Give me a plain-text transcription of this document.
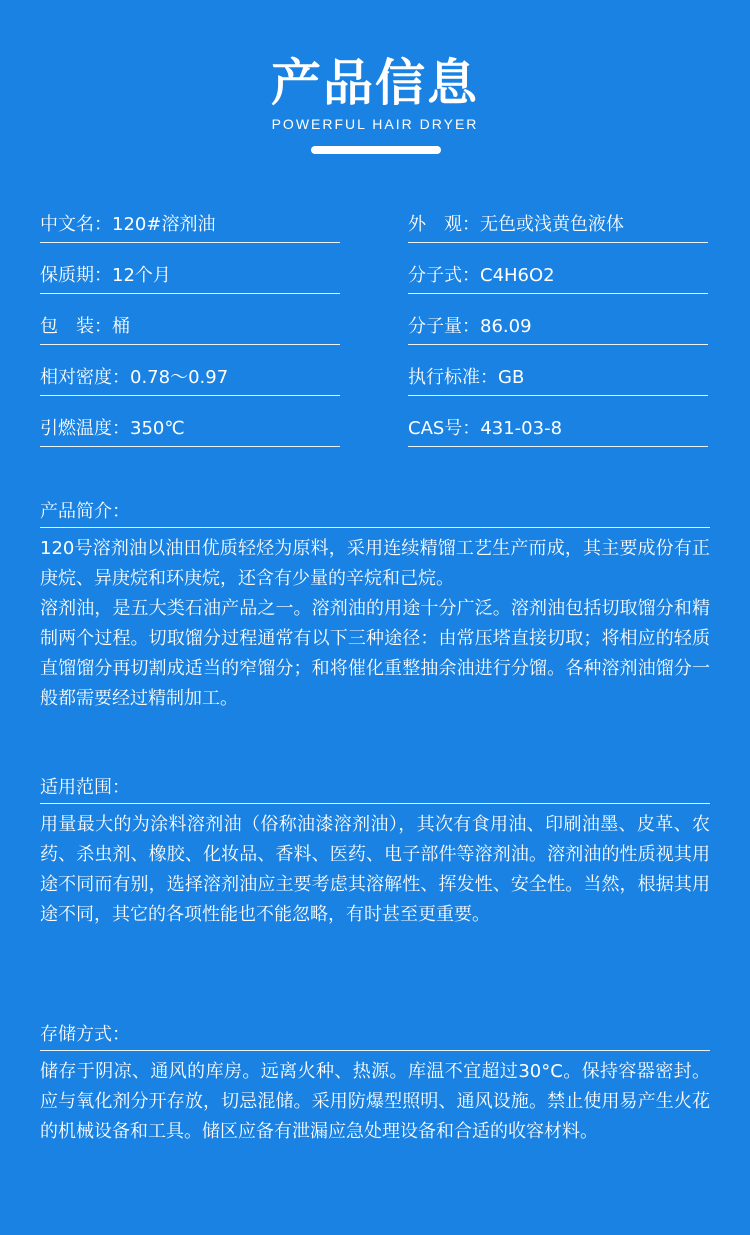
产品信息
POWERFUL HAIR DRYER
中文名：120#溶剂油
保质期：12个月
包　装：桶
相对密度：0.78～0.97
引燃温度：350℃
外　观：无色或浅黄色液体
分子式：C4H6O2
分子量：86.09
执行标准：GB
CAS号：431-03-8
产品简介：

120号溶剂油以油田优质轻烃为原料，采用连续精馏工艺生产而成，其主要成份有正庚烷、异庚烷和环庚烷，还含有少量的辛烷和己烷。

溶剂油，是五大类石油产品之一。溶剂油的用途十分广泛。溶剂油包括切取馏分和精制两个过程。切取馏分过程通常有以下三种途径：由常压塔直接切取；将相应的轻质直馏馏分再切割成适当的窄馏分；和将催化重整抽余油进行分馏。各种溶剂油馏分一般都需要经过精制加工。

适用范围：
用量最大的为涂料溶剂油（俗称油漆溶剂油），其次有食用油、印刷油墨、皮革、农药、杀虫剂、橡胶、化妆品、香料、医药、电子部件等溶剂油。溶剂油的性质视其用途不同而有别，选择溶剂油应主要考虑其溶解性、挥发性、安全性。当然，根据其用途不同，其它的各项性能也不能忽略，有时甚至更重要。
存储方式：
储存于阴凉、通风的库房。远离火种、热源。库温不宜超过30°C。保持容器密封。应与氧化剂分开存放，切忌混储。采用防爆型照明、通风设施。禁止使用易产生火花的机械设备和工具。储区应备有泄漏应急处理设备和合适的收容材料。
